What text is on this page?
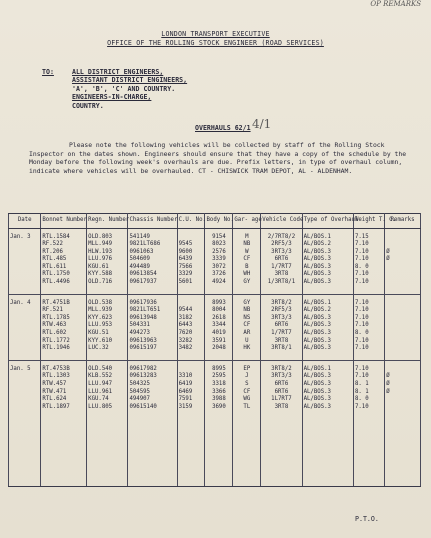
OP REMARKS
LONDON TRANSPORT EXECUTIVE
OFFICE OF THE ROLLING STOCK ENGINEER (ROAD SERVICES)
TO:	ALL DISTRICT ENGINEERS,
ASSISTANT DISTRICT ENGINEERS,
'A', 'B', 'C' AND COUNTRY.
ENGINEERS-IN-CHARGE,
COUNTRY.
OVERHAULS 62/1 4/1
Please note the following vehicles will be collected by staff of the Rolling Stock Inspector on the dates shown. Engineers should ensure that they have a copy of the schedule by the Monday before the following week's overhauls are due. Prefix letters, in type of overhaul column, indicate where vehicles will be overhauled. CT - CHISWICK TRAM DEPOT, AL - ALDENHAM.
Date	Bonnet Number	Regn. Number	Chassis Number	C.U. No.	Body No.	Gar- age	Vehicle Code	Type of Overhaul	Weight T. C.	Remarks
Jan. 3	RTL.1584	OLD.803	541149		9154	M	2/7RT8/2	AL/BOS.1	7.15	
	RF.522	MLL.949	9821LT686	9545	8023	NB	2RF5/3	AL/BOS.2	7.10	
	RT.206	HLW.193	0961063	9600	2576	W	3RT3/3	AL/BOS.3	7.10	Ø
	RTL.485	LLU.976	504609	6439	3339	CF	6RT6	AL/BOS.3	7.10	Ø
	RTL.611	KGU.61	494489	7566	3072	B	1/7RT7	AL/BOS.3	8. 0	
	RTL.1750	KYY.588	09613854	3329	3726	WH	3RT8	AL/BOS.3	7.10	
	RTL.4496	OLD.716	09617937	5601	4924	GY	1/3RT8/1	AL/BOS.3	7.10	
Jan. 4	RT.4751B	OLD.538	09617936		8993	GY	3RT8/2	AL/BOS.1	7.10	
	RF.521	MLL.939	9821LT651	9544	8004	NB	2RF5/3	AL/BOS.2	7.10	
	RTL.1785	KYY.623	09613948	3182	2618	NS	3RT3/3	AL/BOS.3	7.10	
	RTW.463	LLU.953	504331	6443	3344	CF	6RT6	AL/BOS.3	7.10	
	RTL.602	KGU.51	494273	7620	4019	AR	1/7RT7	AL/BOS.3	8. 0	
	RTL.1772	KYY.610	09613963	3282	3591	U	3RT8	AL/BOS.3	7.10	
	RTL.1946	LUC.32	09615197	3482	2048	HK	3RT8/1	AL/BOS.3	7.10	
Jan. 5	RT.4753B	OLD.540	09617982		8995	EP	3RT8/2	AL/BOS.1	7.10	
	RTL.1303	KLB.552	09613283	3310	2595	J	3RT3/3	AL/BOS.3	7.10	Ø
	RTW.457	LLU.947	504325	6419	3318	S	6RT6	AL/BOS.3	8. 1	Ø
	RTW.471	LLU.961	504595	6469	3366	CF	6RT6	AL/BOS.3	8. 1	Ø
	RTL.624	KGU.74	494907	7591	3988	WG	1L7RT7	AL/BOS.3	8. 0	
	RTL.1897	LLU.805	09615140	3159	3690	TL	3RT8	AL/BOS.3	7.10	

P.T.O.
